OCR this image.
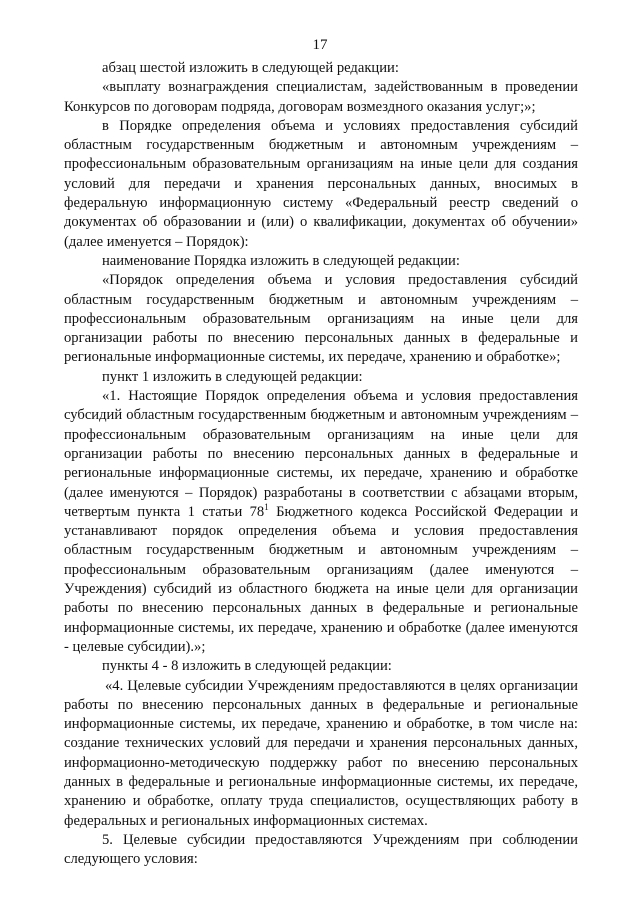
17

абзац шестой изложить в следующей редакции:

«выплату вознаграждения специалистам, задействованным в проведении Конкурсов по договорам подряда, договорам возмездного оказания услуг;»;

в Порядке определения объема и условиях предоставления субсидий областным государственным бюджетным и автономным учреждениям – профессиональным образовательным организациям на иные цели для создания условий для передачи и хранения персональных данных, вносимых в федеральную информационную систему «Федеральный реестр сведений о документах об образовании и (или) о квалификации, документах об обучении» (далее именуется – Порядок):

наименование Порядка изложить в следующей редакции:

«Порядок определения объема и условия предоставления субсидий областным государственным бюджетным и автономным учреждениям – профессиональным образовательным организациям на иные цели для организации работы по внесению персональных данных в федеральные и региональные информационные системы, их передаче, хранению и обработке»;

пункт 1 изложить в следующей редакции:

«1. Настоящие Порядок определения объема и условия предоставления субсидий областным государственным бюджетным и автономным учреждениям – профессиональным образовательным организациям на иные цели для организации работы по внесению персональных данных в федеральные и региональные информационные системы, их передаче, хранению и обработке (далее именуются – Порядок) разработаны в соответствии с абзацами вторым, четвертым пункта 1 статьи $78^1$ Бюджетного кодекса Российской Федерации и устанавливают порядок определения объема и условия предоставления областным государственным бюджетным и автономным учреждениям – профессиональным образовательным организациям (далее именуются – Учреждения) субсидий из областного бюджета на иные цели для организации работы по внесению персональных данных в федеральные и региональные информационные системы, их передаче, хранению и обработке (далее именуются - целевые субсидии).»;

пункты 4 - 8 изложить в следующей редакции:

«4. Целевые субсидии Учреждениям предоставляются в целях организации работы по внесению персональных данных в федеральные и региональные информационные системы, их передаче, хранению и обработке, в том числе на: создание технических условий для передачи и хранения персональных данных, информационно-методическую поддержку работ по внесению персональных данных в федеральные и региональные информационные системы, их передаче, хранению и обработке, оплату труда специалистов, осуществляющих работу в федеральных и региональных информационных системах.

5. Целевые субсидии предоставляются Учреждениям при соблюдении следующего условия:
